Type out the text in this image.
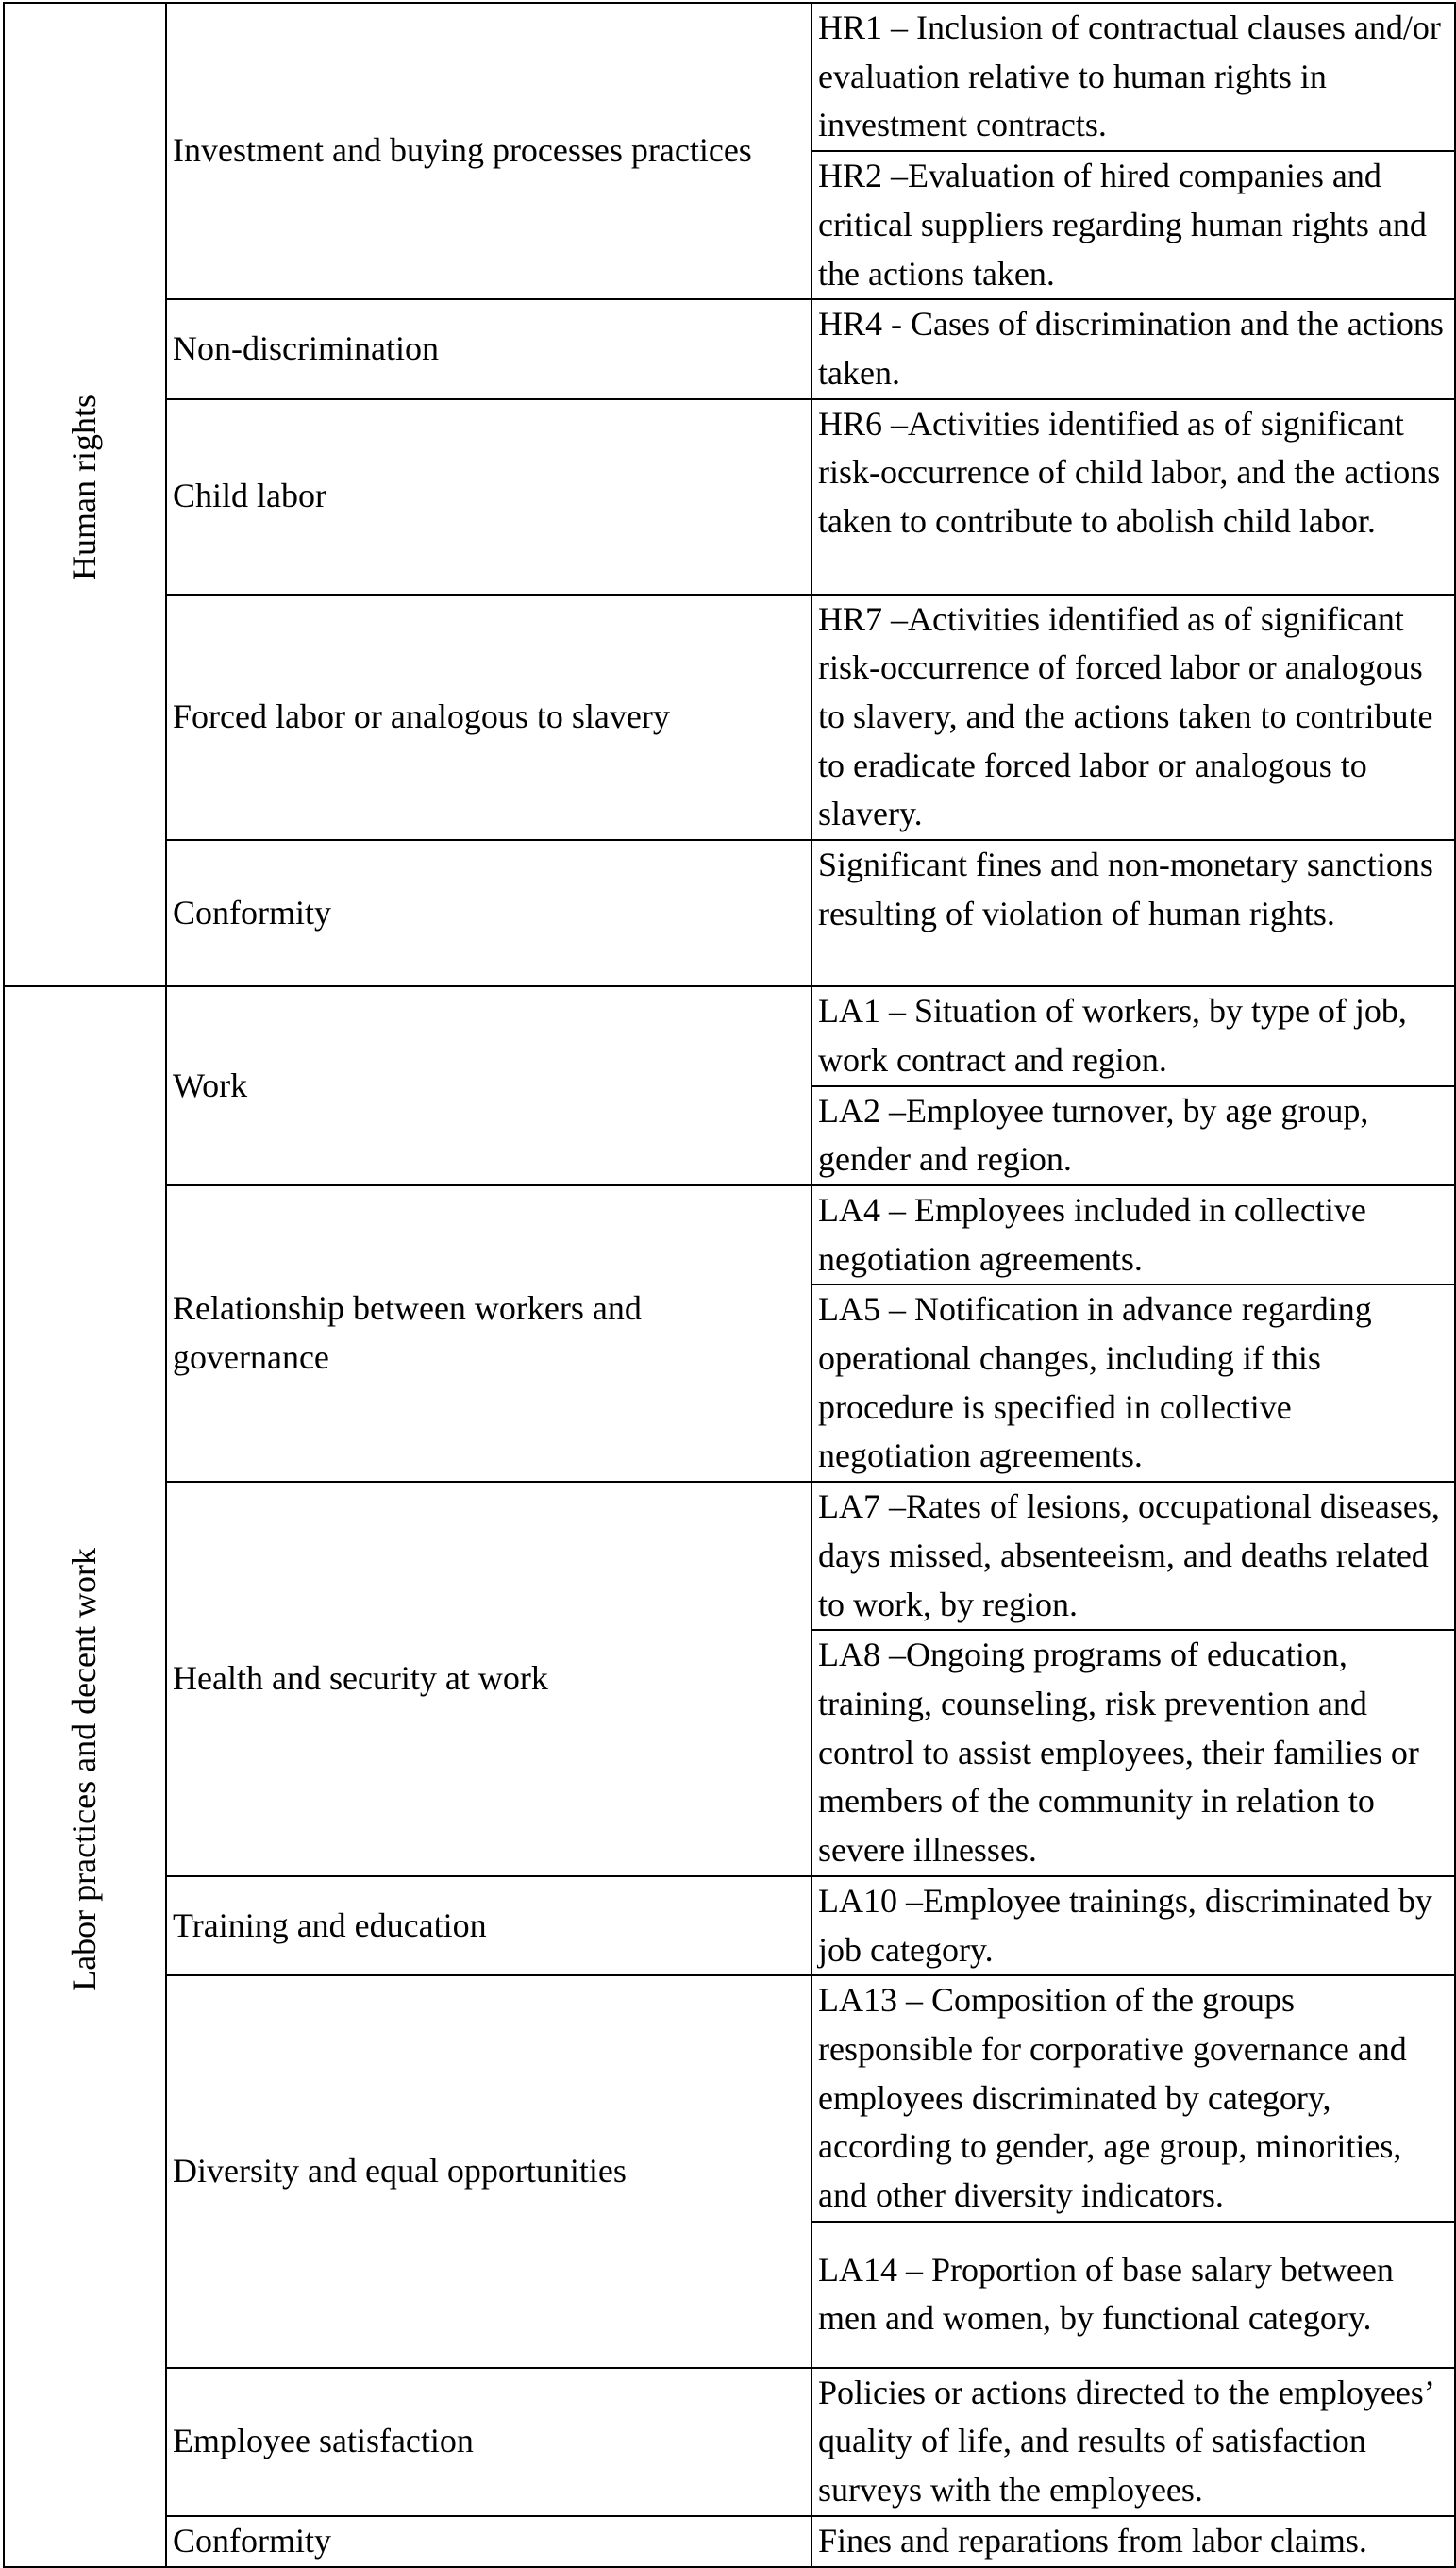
Human rights	Investment and buying processes practices	HR1 – Inclusion of contractual clauses and/or evaluation relative to human rights in investment contracts.
		HR2 –Evaluation of hired companies and critical suppliers regarding human rights and the actions taken.
	Non-discrimination	HR4 - Cases of discrimination and the actions taken.
	Child labor	HR6 –Activities identified as of significant risk-occurrence of child labor, and the actions taken to contribute to abolish child labor.
	Forced labor or analogous to slavery	HR7 –Activities identified as of significant risk-occurrence of forced labor or analogous to slavery, and the actions taken to contribute to eradicate forced labor or analogous to slavery.
	Conformity	Significant fines and non-monetary sanctions resulting of violation of human rights.

Labor practices and decent work	Work	LA1 – Situation of workers, by type of job, work contract and region.
		LA2 –Employee turnover, by age group, gender and region.
	Relationship between workers and governance	LA4 – Employees included in collective negotiation agreements.
		LA5 – Notification in advance regarding operational changes, including if this procedure is specified in collective negotiation agreements.
	Health and security at work	LA7 –Rates of lesions, occupational diseases, days missed, absenteeism, and deaths related to work, by region.
		LA8 –Ongoing programs of education, training, counseling, risk prevention and control to assist employees, their families or members of the community in relation to severe illnesses.
	Training and education	LA10 –Employee trainings, discriminated by job category.
	Diversity and equal opportunities	LA13 – Composition of the groups responsible for corporative governance and employees discriminated by category, according to gender, age group, minorities, and other diversity indicators.
		LA14 – Proportion of base salary between men and women, by functional category.
	Employee satisfaction	Policies or actions directed to the employees’ quality of life, and results of satisfaction surveys with the employees.
	Conformity	Fines and reparations from labor claims.
